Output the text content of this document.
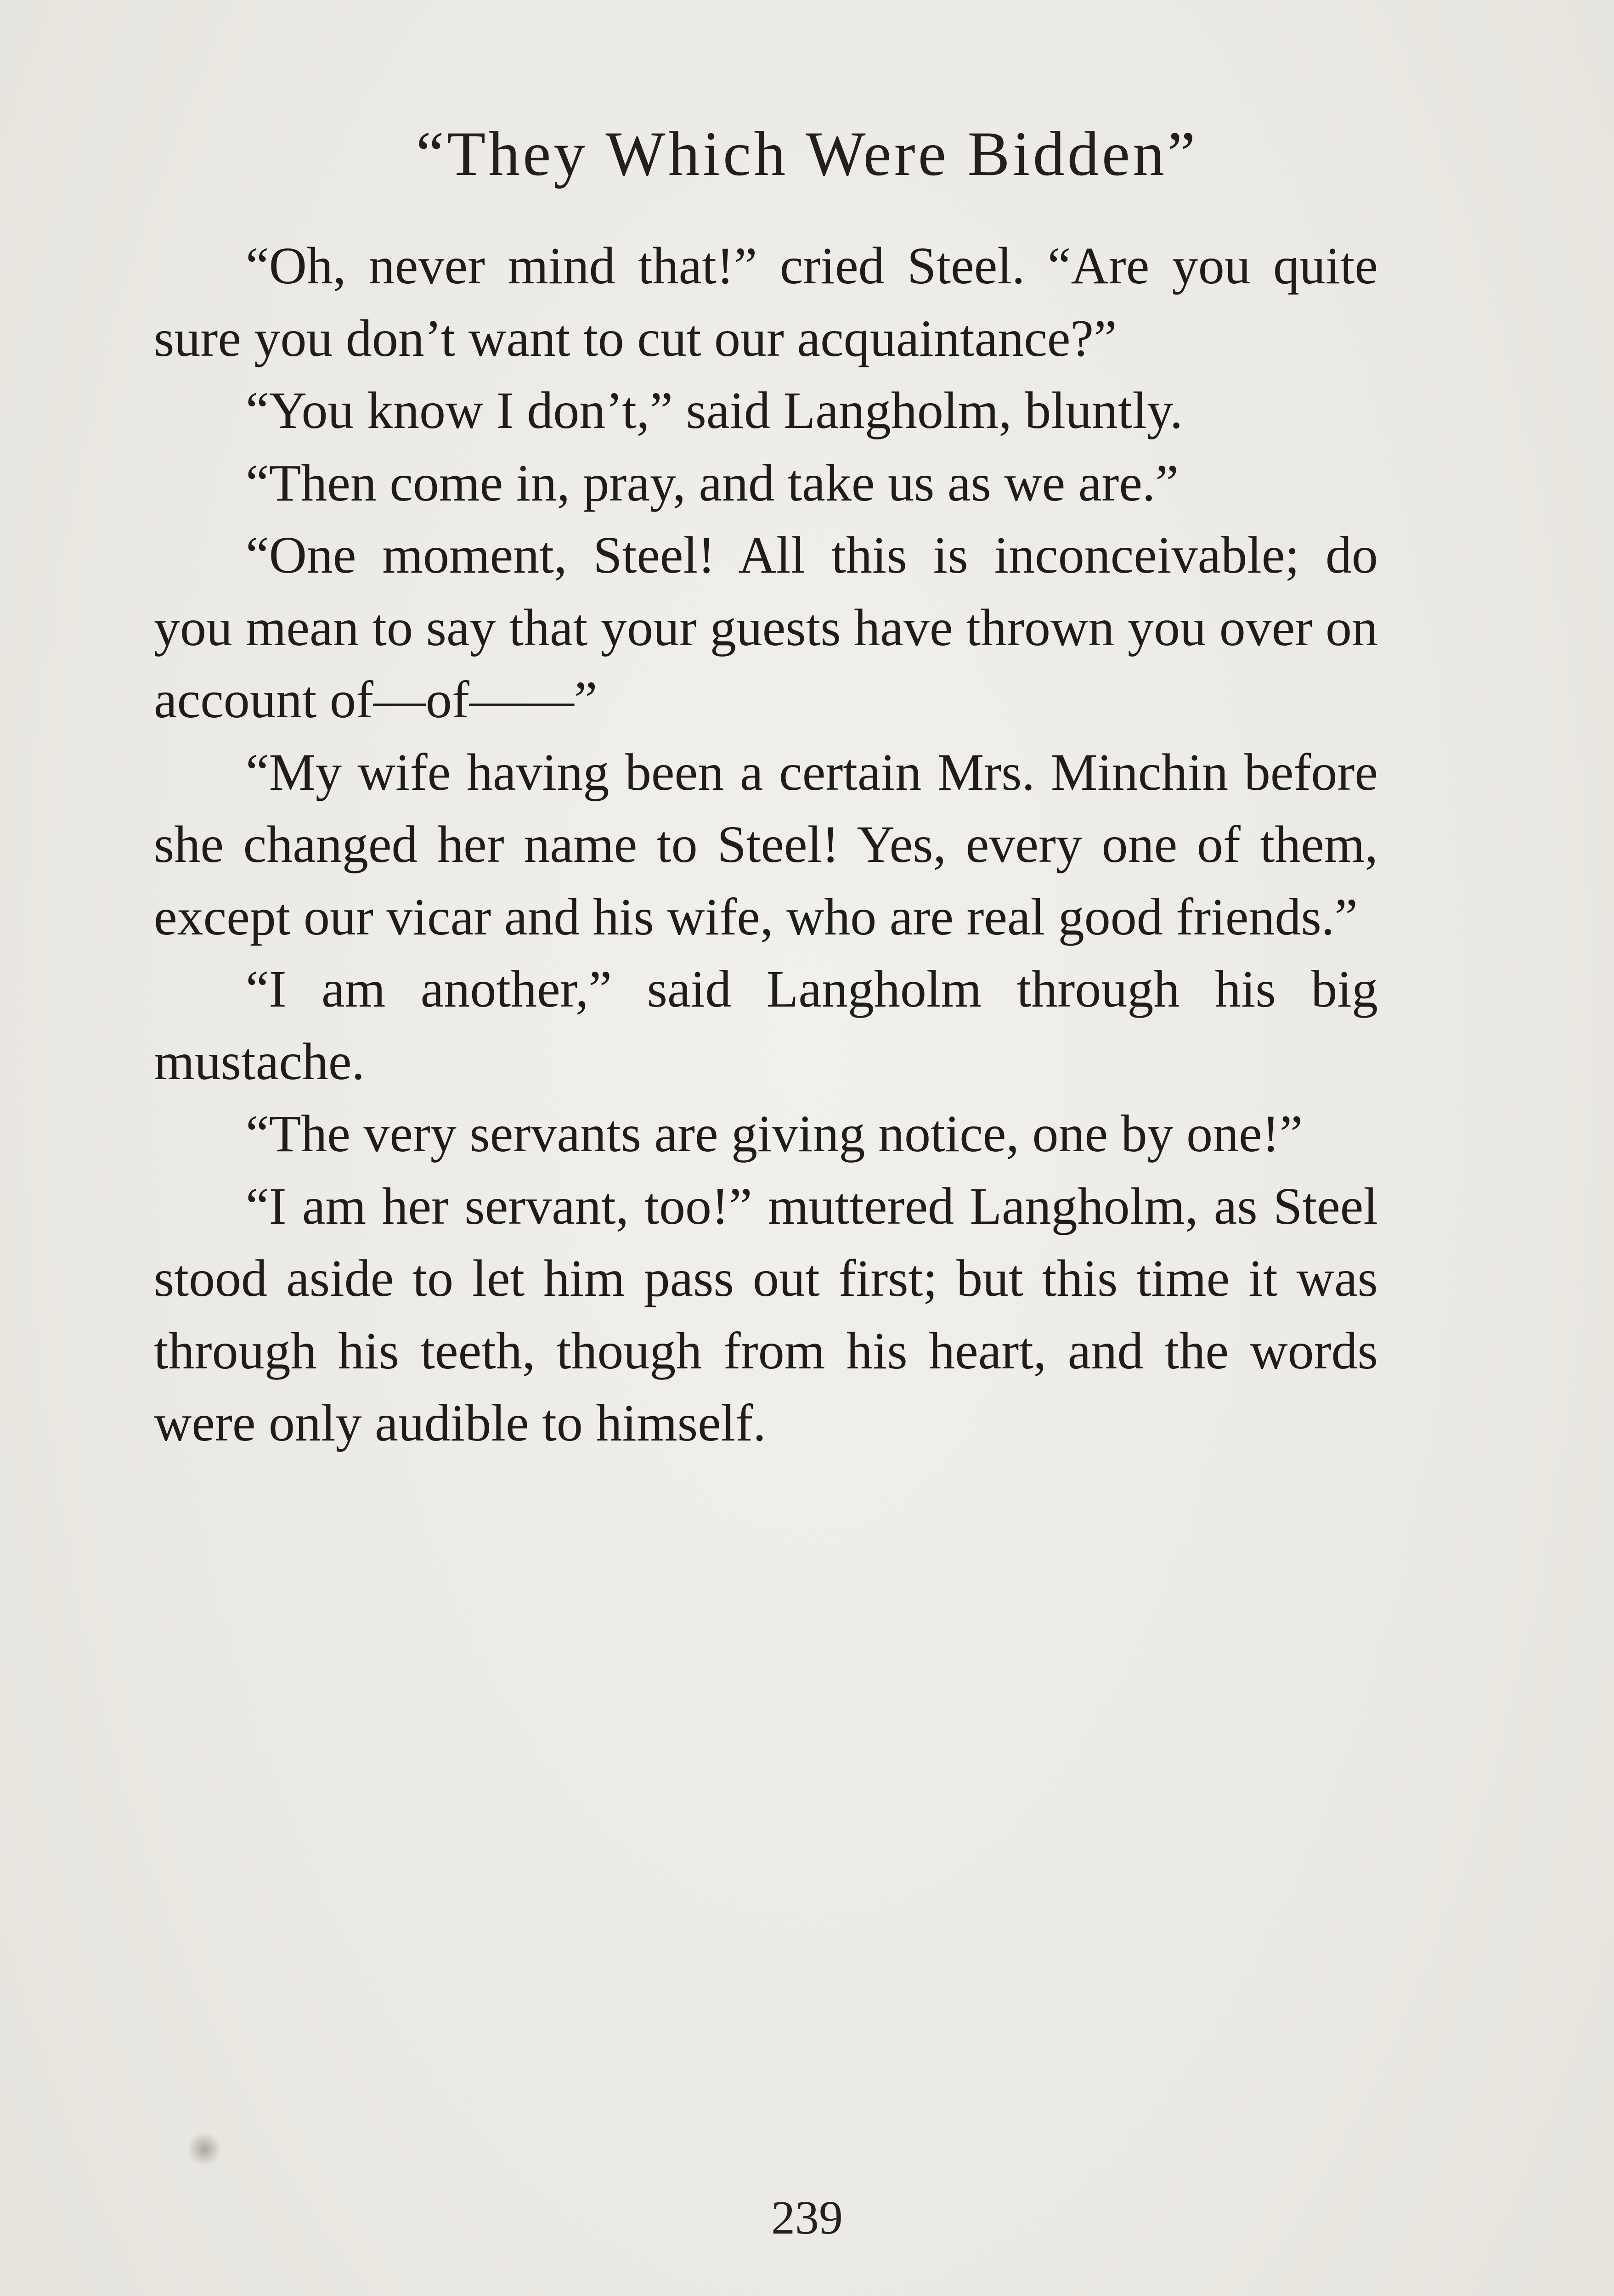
“They Which Were Bidden”

“Oh, never mind that!” cried Steel. “Are you quite sure you don’t want to cut our acquaintance?”

“You know I don’t,” said Langholm, bluntly.

“Then come in, pray, and take us as we are.”

“One moment, Steel! All this is inconceivable; do you mean to say that your guests have thrown you over on account of—of——”

“My wife having been a certain Mrs. Minchin before she changed her name to Steel! Yes, every one of them, except our vicar and his wife, who are real good friends.”

“I am another,” said Langholm through his big mustache.

“The very servants are giving notice, one by one!”

“I am her servant, too!” muttered Langholm, as Steel stood aside to let him pass out first; but this time it was through his teeth, though from his heart, and the words were only audible to himself.

239
